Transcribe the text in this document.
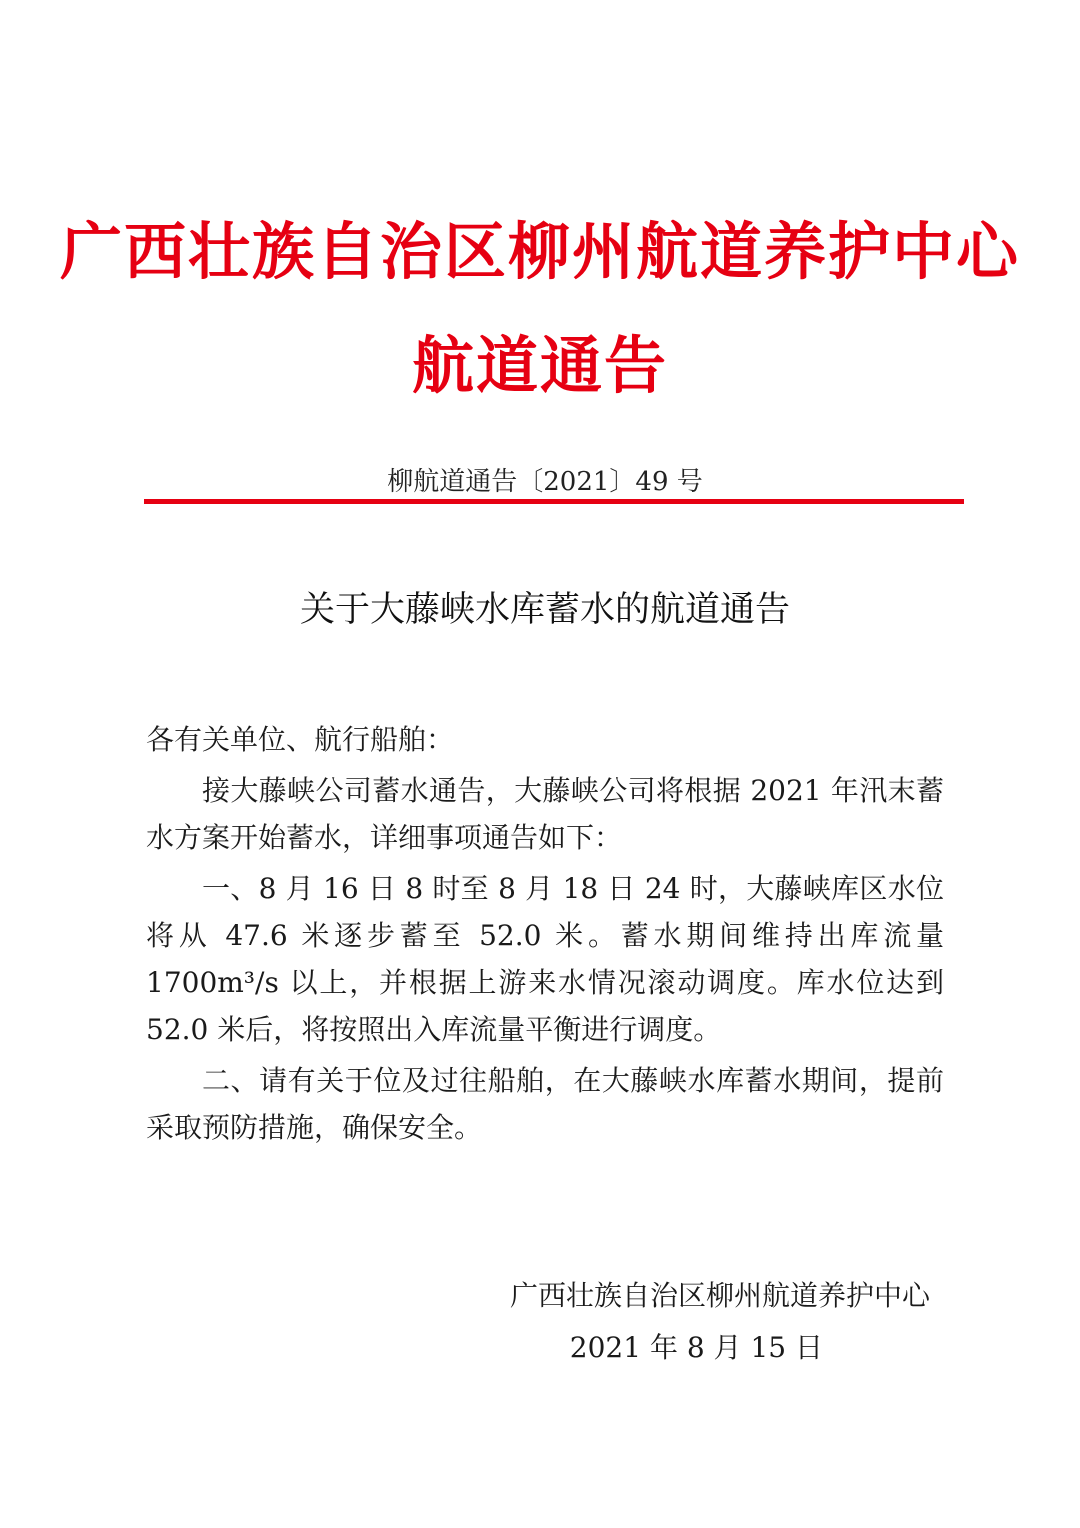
广西壮族自治区柳州航道养护中心
航道通告
柳航道通告〔2021〕49 号
关于大藤峡水库蓄水的航道通告

各有关单位、航行船舶：

接大藤峡公司蓄水通告，大藤峡公司将根据 2021 年汛末蓄水方案开始蓄水，详细事项通告如下：

一、8 月 16 日 8 时至 8 月 18 日 24 时，大藤峡库区水位将从 47.6 米逐步蓄至 52.0 米。蓄水期间维持出库流量 1700m³/s 以上，并根据上游来水情况滚动调度。库水位达到 52.0 米后，将按照出入库流量平衡进行调度。

二、请有关于位及过往船舶，在大藤峡水库蓄水期间，提前采取预防措施，确保安全。

广西壮族自治区柳州航道养护中心
2021 年 8 月 15 日
